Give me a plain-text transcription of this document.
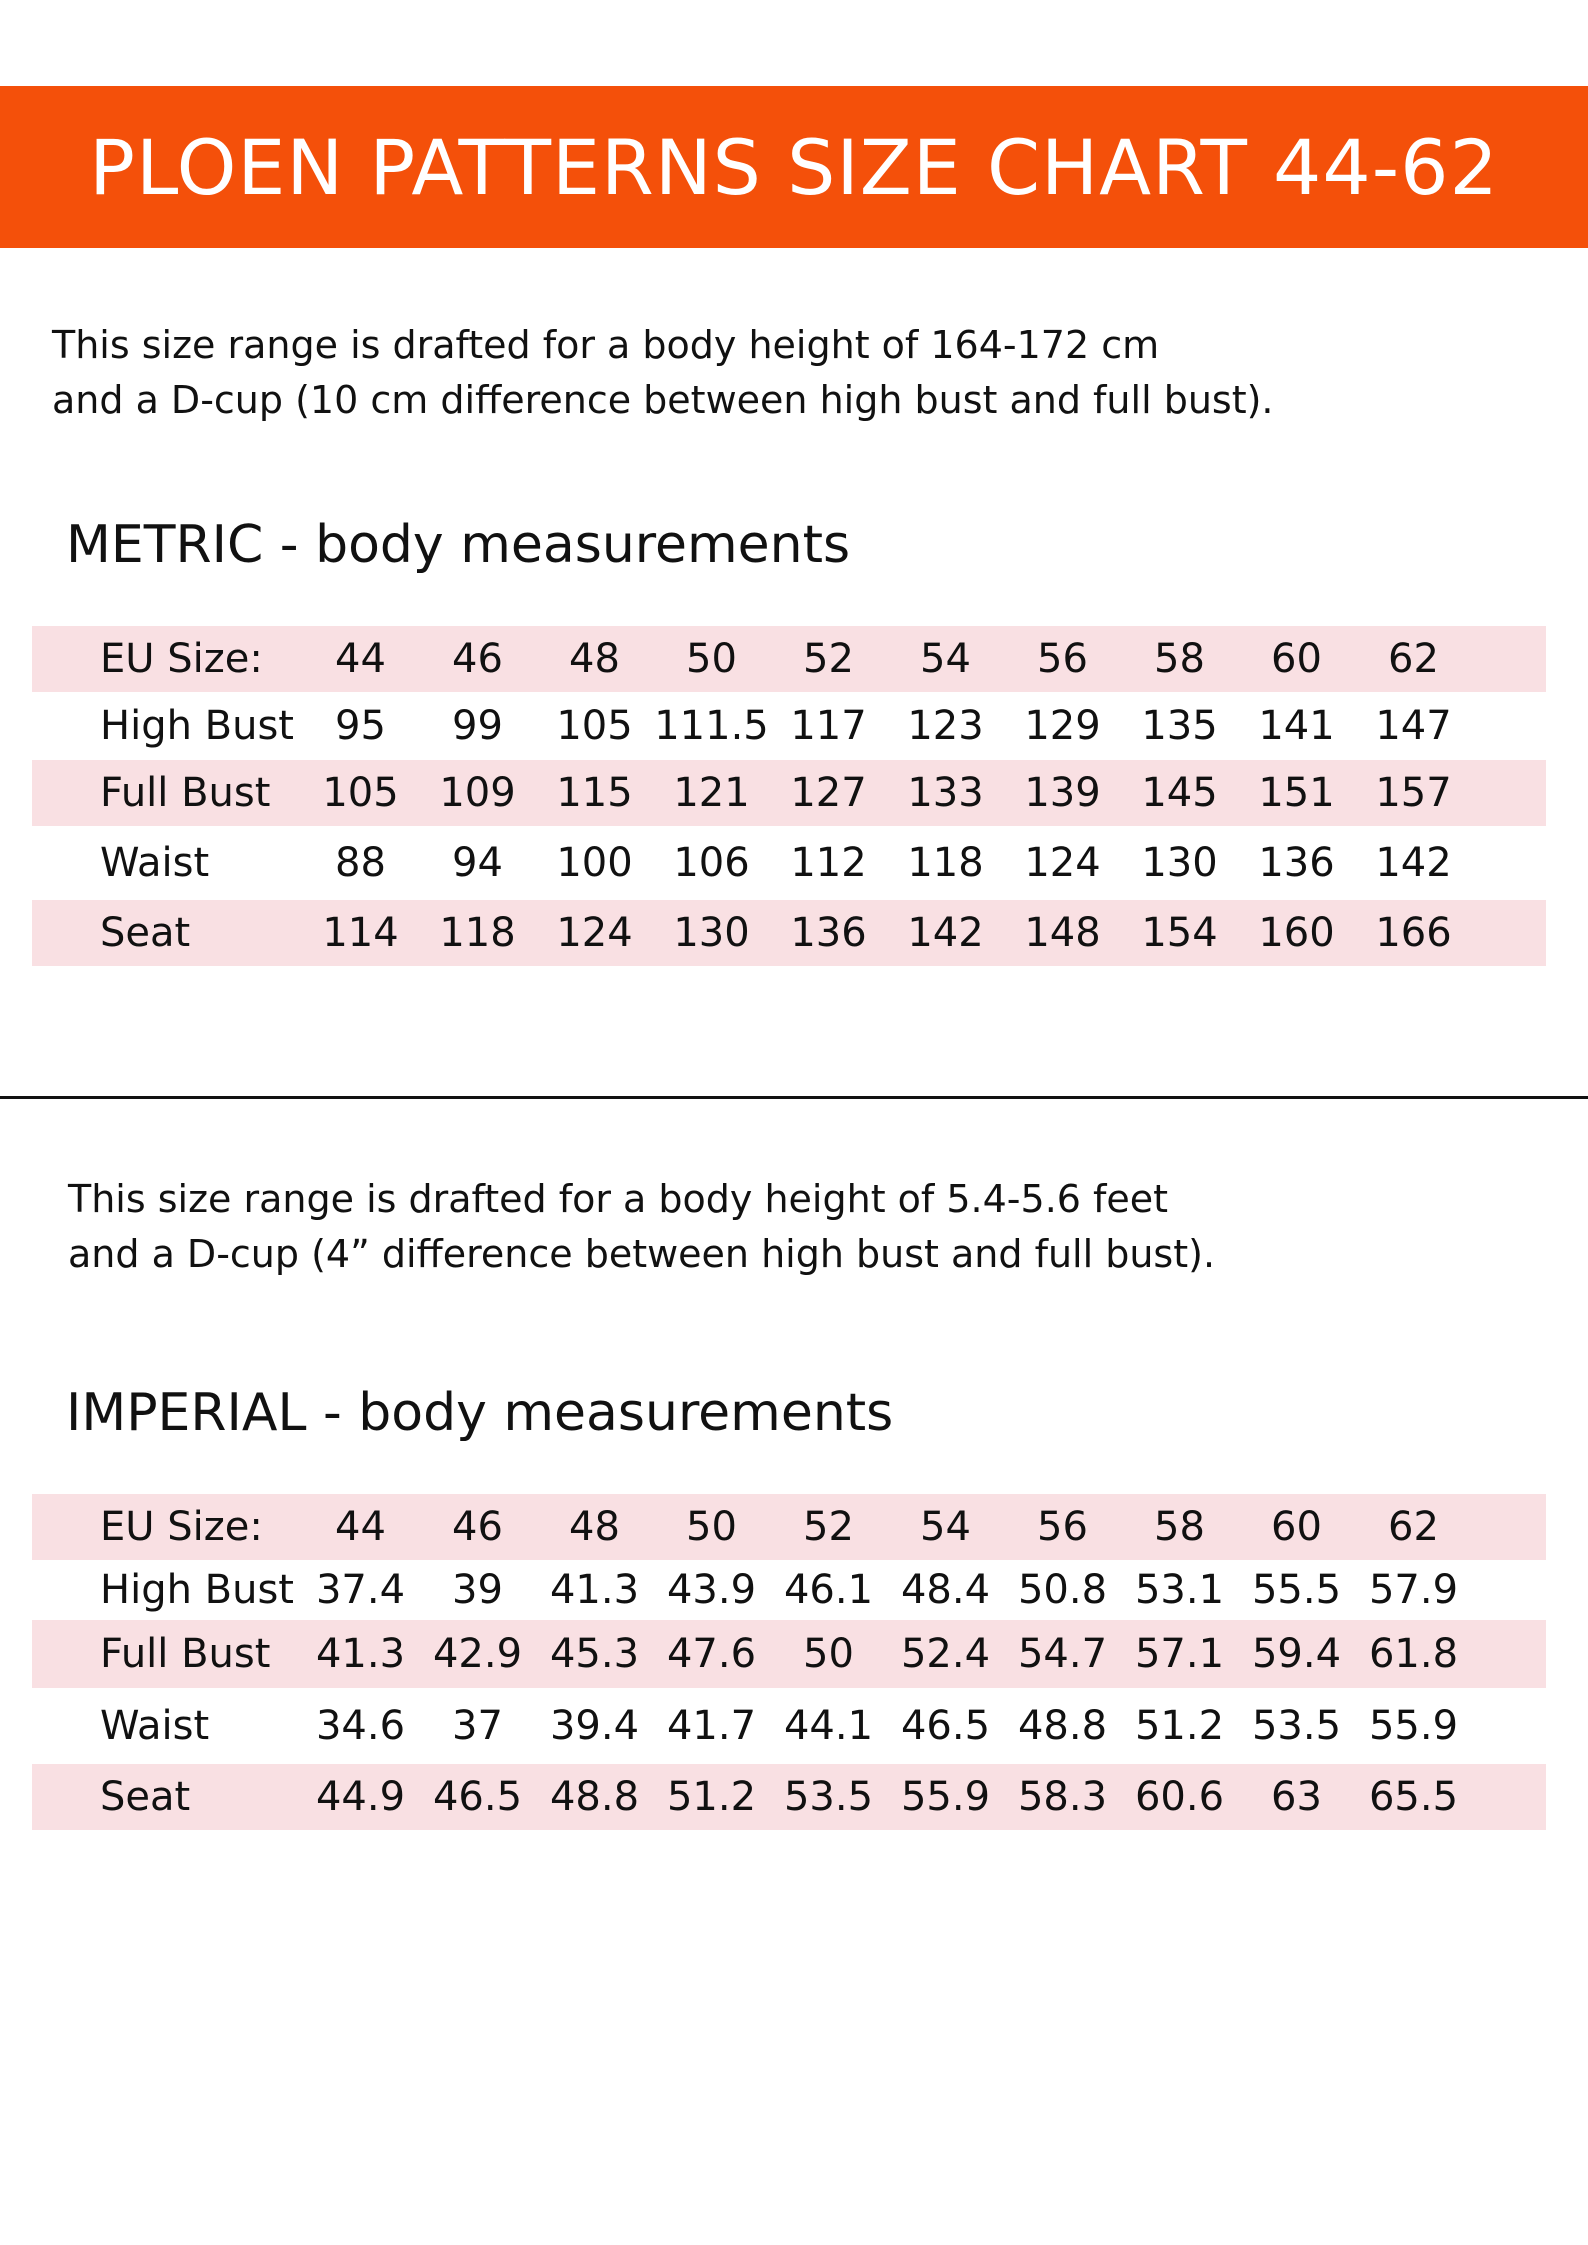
PLOEN PATTERNS SIZE CHART 44-62
This size range is drafted for a body height of 164-172 cm
and a D-cup (10 cm difference between high bust and full bust).
METRIC - body measurements
EU Size:	44	46	48	50	52	54	56	58	60	62
High Bust	95	99	105 111.5 117	123	129	135	141	147
Full Bust	105	109	115	121	127	133	139	145	151	157
Waist	88	94	100	106	112	118	124	130	136	142
Seat	114	118	124	130	136	142	148	154	160	166
This size range is drafted for a body height of 5.4-5.6 feet
and a D-cup (4” difference between high bust and full bust).
IMPERIAL - body measurements
EU Size:	44	46	48	50	52	54	56	58	60	62
High Bust 37.4	39	41.3 43.9 46.1 48.4 50.8 53.1 55.5 57.9
Full Bust	41.3 42.9 45.3 47.6	50	52.4 54.7 57.1 59.4 61.8
Waist	34.6	37	39.4 41.7 44.1 46.5 48.8 51.2 53.5 55.9
Seat	44.9 46.5 48.8 51.2 53.5 55.9 58.3 60.6	63	65.5
